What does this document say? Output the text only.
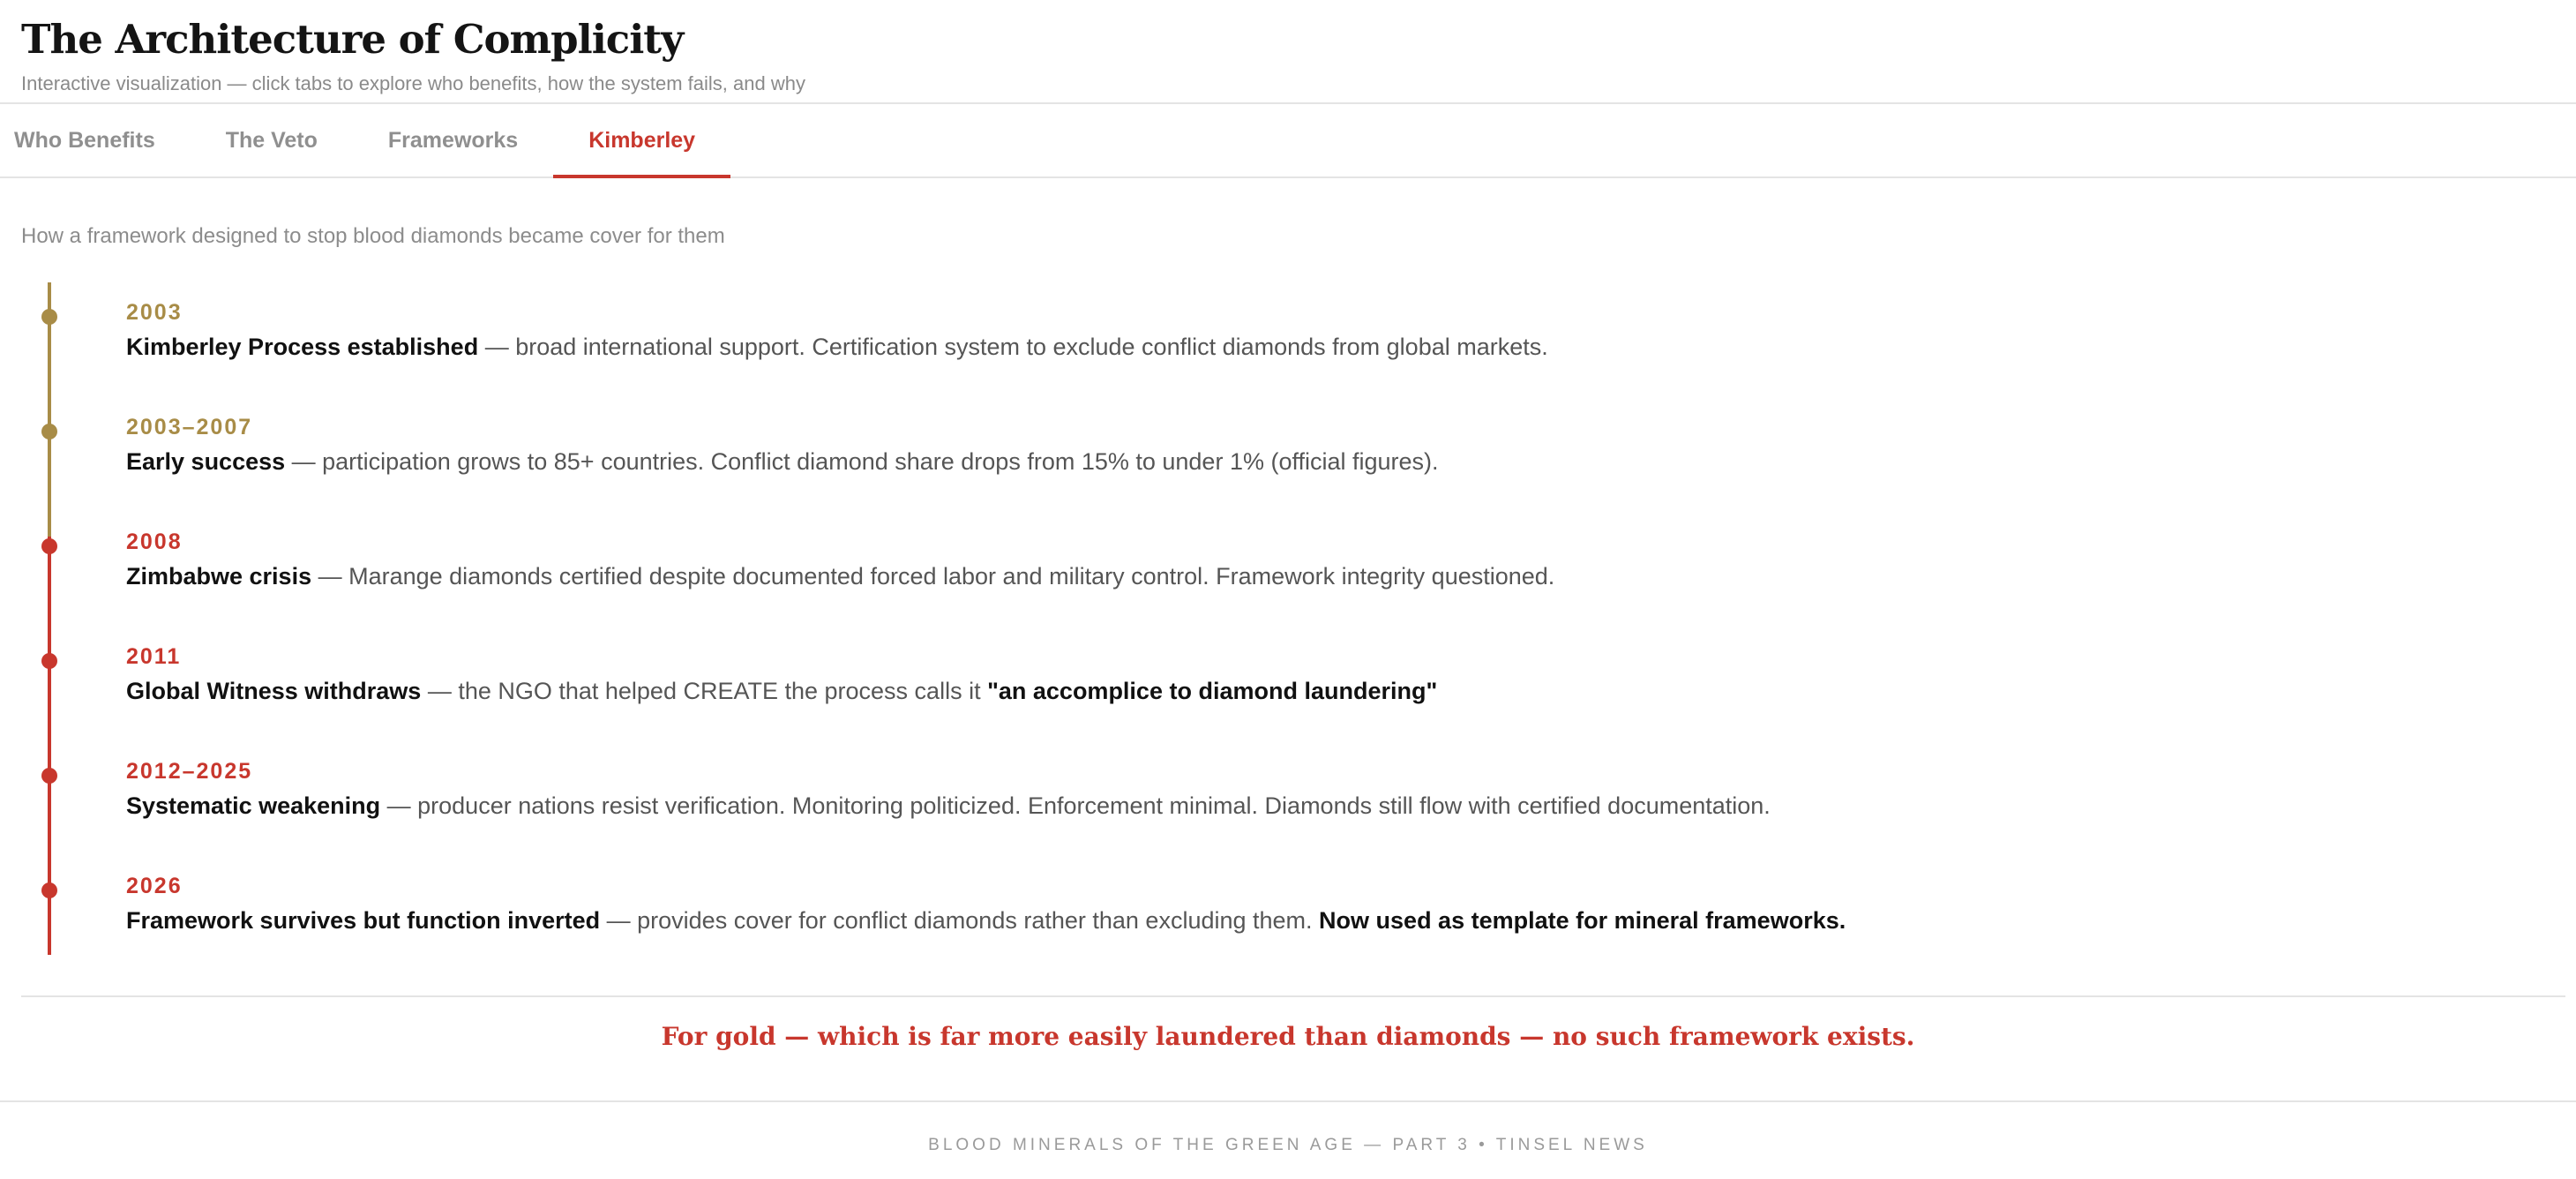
The Architecture of Complicity
Interactive visualization — click tabs to explore who benefits, how the system fails, and why
Who Benefits	The Veto	Frameworks	Kimberley
How a framework designed to stop blood diamonds became cover for them
2003
Kimberley Process established — broad international support. Certification system to exclude conflict diamonds from global markets.
2003–2007
Early success — participation grows to 85+ countries. Conflict diamond share drops from 15% to under 1% (official figures).
2008
Zimbabwe crisis — Marange diamonds certified despite documented forced labor and military control. Framework integrity questioned.
2011
Global Witness withdraws — the NGO that helped CREATE the process calls it "an accomplice to diamond laundering"
2012–2025
Systematic weakening — producer nations resist verification. Monitoring politicized. Enforcement minimal. Diamonds still flow with certified documentation.
2026
Framework survives but function inverted — provides cover for conflict diamonds rather than excluding them. Now used as template for mineral frameworks.
For gold — which is far more easily laundered than diamonds — no such framework exists.
BLOOD MINERALS OF THE GREEN AGE — PART 3 • TINSEL NEWS
